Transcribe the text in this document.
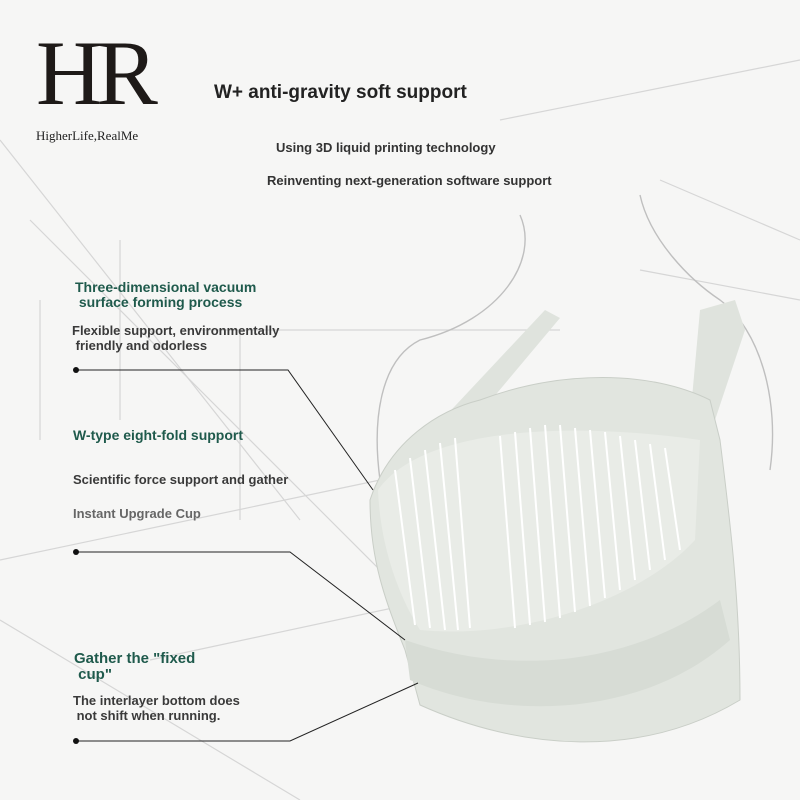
HR
HigherLife,RealMe
W+ anti-gravity soft support
Using 3D liquid printing technology
Reinventing next-generation software support
Three-dimensional vacuum
surface forming process
Flexible support, environmentally
friendly and odorless
W-type eight-fold support
Scientific force support and gather
Instant Upgrade Cup
Gather the "fixed
cup"
The interlayer bottom does
not shift when running.
